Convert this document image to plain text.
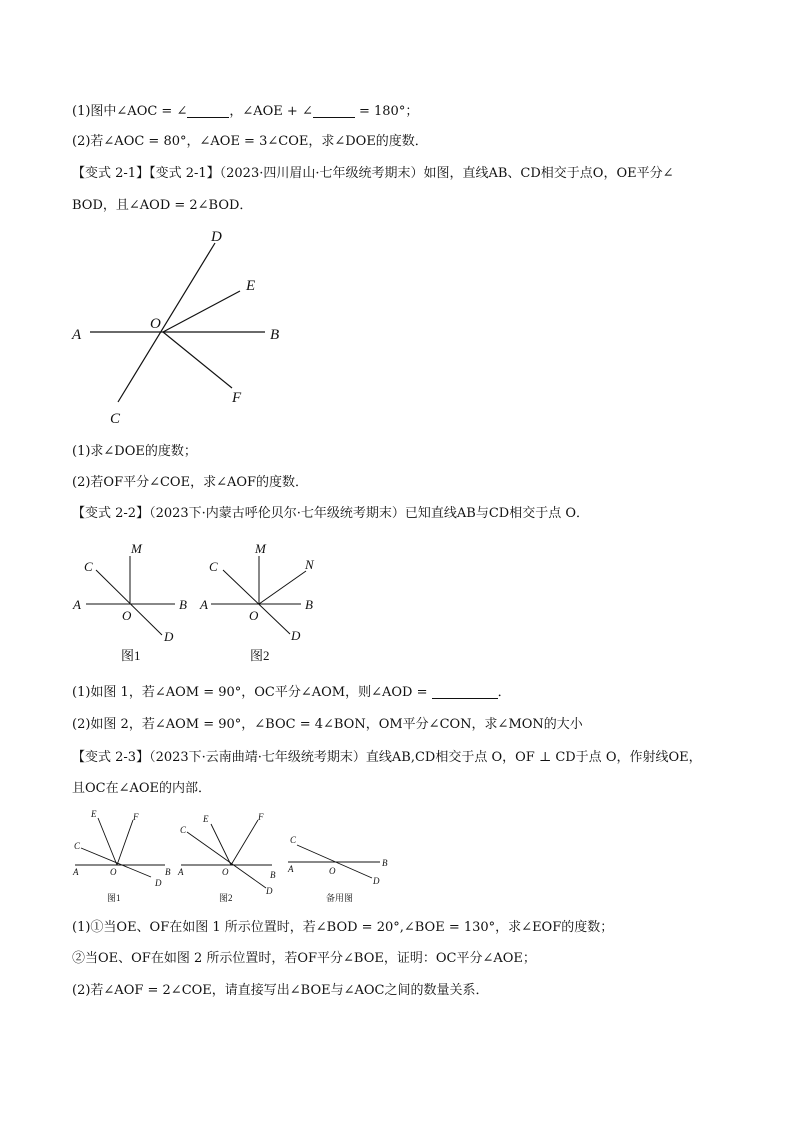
(1)图中∠AOC = ∠	，∠AOE + ∠	= 180°；
(2)若∠AOC = 80°，∠AOE = 3∠COE，求∠DOE的度数．
【变式 2-1】【变式 2-1】（2023·四川眉山·七年级统考期末）如图，直线AB、CD相交于点O，OE平分∠
BOD，且∠AOD = 2∠BOD．
D
E
A
O
B
F
C
(1)求∠DOE的度数；
(2)若OF平分∠COE，求∠AOF的度数．
【变式 2-2】（2023下·内蒙古呼伦贝尔·七年级统考期末）已知直线AB与CD相交于点 O．
M
C
A	B
O
D
图1
M
C	N
A	B
O
D
图2
(1)如图 1，若∠AOM = 90°，OC平分∠AOM，则∠AOD =	．
(2)如图 2，若∠AOM = 90°，∠BOC = 4∠BON，OM平分∠CON，求∠MON的大小
【变式 2-3】（2023下·云南曲靖·七年级统考期末）直线AB,CD相交于点 O，OF ⊥ CD于点 O，作射线OE，
且OC在∠AOE的内部．
E	F
C
A	O	B
D
图1
E	F
C
A	O	B
D
图2
C
A	O
B
D
备用图
(1)①当OE、OF在如图 1 所示位置时，若∠BOD = 20°,∠BOE = 130°，求∠EOF的度数；
②当OE、OF在如图 2 所示位置时，若OF平分∠BOE，证明：OC平分∠AOE；
(2)若∠AOF = 2∠COE，请直接写出∠BOE与∠AOC之间的数量关系．
